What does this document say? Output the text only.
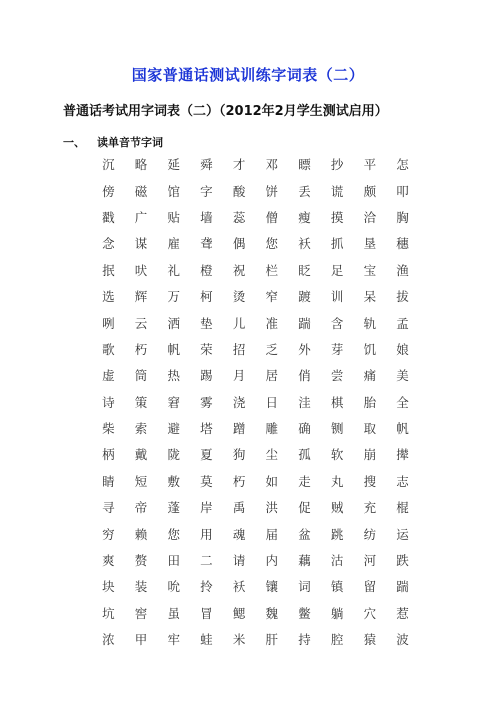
国家普通话测试训练字词表（二）
普通话考试用字词表（二）（2012年2月学生测试启用）
一、 读单音节字词
沉	略	延	舜	才	邓	瞟	抄	平	怎
傍	磁	馆	字	酸	饼	丢	谎	颇	叩
戳	广	贴	墙	蕊	僧	瘦	摸	洽	胸
念	谋	雇	聋	偶	您	袄	抓	垦	穗
抿	吠	礼	橙	祝	栏	眨	足	宝	渔
选	辉	万	柯	烫	窄	踱	训	呆	拔
咧	云	洒	垫	儿	准	踹	含	轨	孟
歌	朽	帆	荣	招	乏	外	芽	饥	娘
虚	筒	热	踢	月	居	俏	尝	痛	美
诗	策	窘	雾	浇	日	洼	棋	胎	全
柴	索	避	塔	蹭	雕	确	铡	取	帆
柄	戴	陇	夏	狗	尘	孤	软	崩	撵
睛	短	敷	莫	朽	如	走	丸	搜	志
寻	帝	蓬	岸	禹	洪	促	贼	充	棍
穷	赖	您	用	魂	届	盆	跳	纺	运
爽	赘	田	二	请	内	藕	沽	河	跌
块	装	吮	拎	袄	镶	词	镇	留	踹
坑	窖	虽	冒	鳃	魏	鳖	躺	穴	惹
浓	甲	牢	蛙	米	肝	持	腔	猿	波
